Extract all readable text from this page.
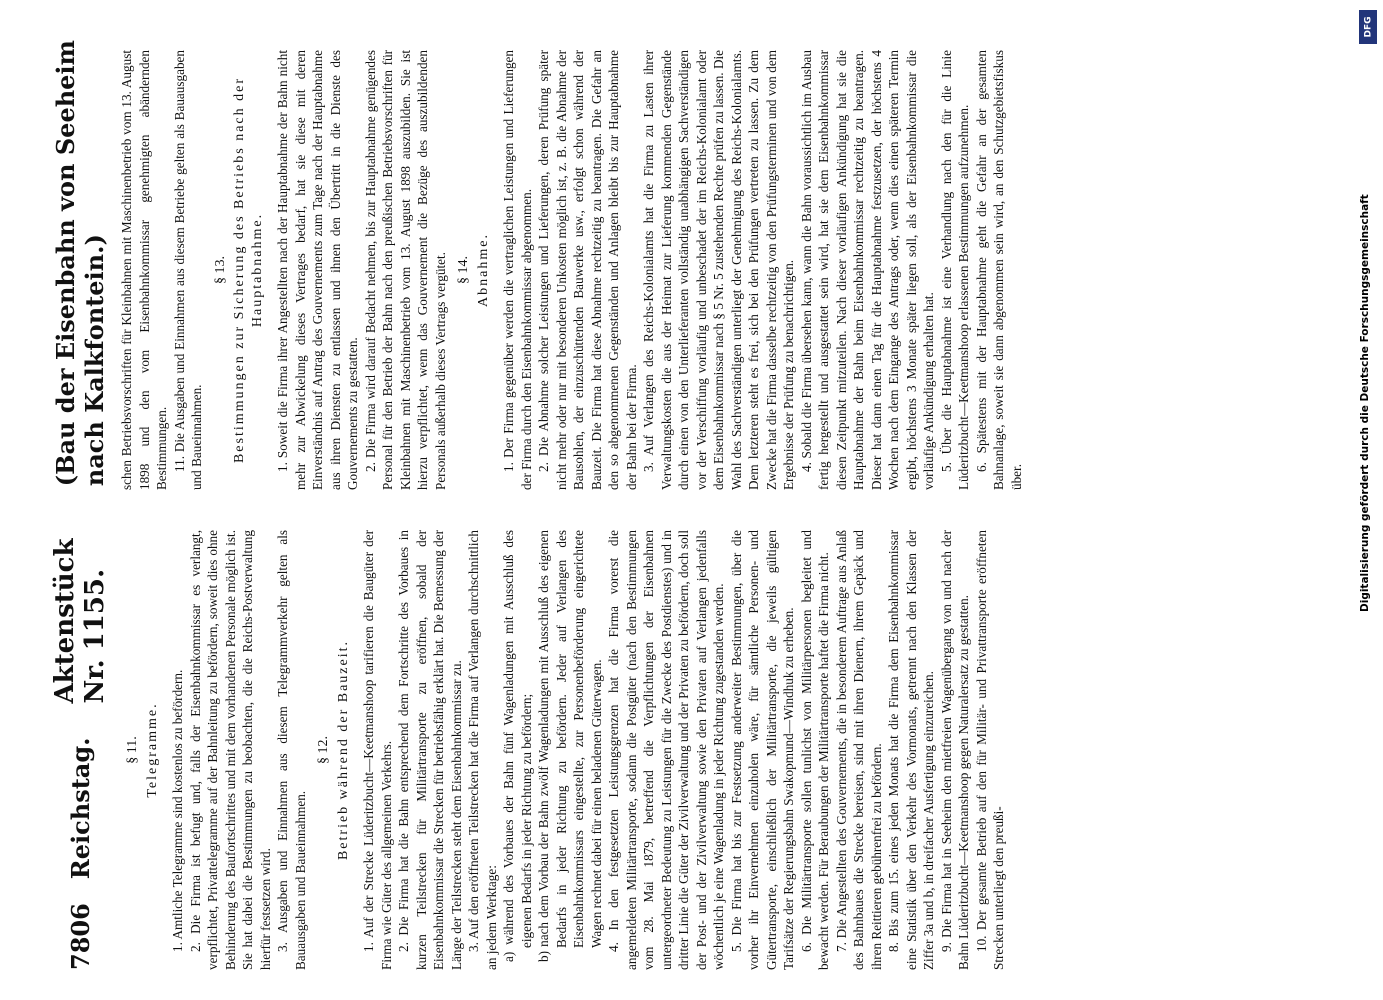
7806
Reichstag.
Aktenstück Nr. 1155.
(Bau der Eisenbahn von Seeheim nach Kalkfontein.)
§ 11. Telegramme. 1. Amtliche Telegramme sind kostenlos zu befördern. 2. Die Firma ist befugt und, falls der Eisenbahnkommissar es verlangt, verpflichtet, Privattelegramme auf der Bahnleitung zu befördern, soweit dies ohne Behinderung des Baufortschrittes und mit dem vorhandenen Personale möglich ist. Sie hat dabei die Bestimmungen zu beobachten, die die Reichs-Postverwaltung hierfür festsetzen wird. 3. Ausgaben und Einnahmen aus diesem Telegrammverkehr gelten als Bauausgaben und Baueinnahmen.

§ 12. Betrieb während der Bauzeit. 1. Auf der Strecke Lüderitzbucht—Keetmanshoop tarifieren die Baugüter der Firma wie Güter des allgemeinen Verkehrs. 2. Die Firma hat die Bahn entsprechend dem Fortschritte des Vorbaues in kurzen Teilstrecken für Militärtransporte zu eröffnen, sobald der Eisenbahnkommissar die Strecken für betriebsfähig erklärt hat. Die Bemessung der Länge der Teilstrecken steht dem Eisenbahnkommissar zu. 3. Auf den eröffneten Teilstrecken hat die Firma auf Verlangen durchschnittlich an jedem Werktage: a) während des Vorbaues der Bahn fünf Wagenladungen mit Ausschluß des eigenen Bedarfs in jeder Richtung zu befördern; b) nach dem Vorbau der Bahn zwölf Wagenladungen mit Ausschluß des eigenen Bedarfs in jeder Richtung zu befördern. Jeder auf Verlangen des Eisenbahnkommissars eingestellte, zur Personenbeförderung eingerichtete Wagen rechnet dabei für einen beladenen Güterwagen. 4. In den festgesetzten Leistungsgrenzen hat die Firma vorerst die angemeldeten Militärtransporte, sodann die Postgüter (nach den Bestimmungen vom 28. Mai 1879, betreffend die Verpflichtungen der Eisenbahnen untergeordneter Bedeutung zu Leistungen für die Zwecke des Postdienstes) und in dritter Linie die Güter der Zivilverwaltung und der Privaten zu befördern, doch soll der Post- und der Zivilverwaltung sowie den Privaten auf Verlangen jedenfalls wöchentlich je eine Wagenladung in jeder Richtung zugestanden werden. 5. Die Firma hat bis zur Festsetzung anderweiter Bestimmungen, über die vorher ihr Einvernehmen einzuholen wäre, für sämtliche Personen- und Gütertransporte, einschließlich der Militärtransporte, die jeweils gültigen Tarifsätze der Regierungsbahn Swakopmund—Windhuk zu erheben. 6. Die Militärtransporte sollen tunlichst von Militärpersonen begleitet und bewacht werden. Für Beraubungen der Militärtransporte haftet die Firma nicht. 7. Die Angestellten des Gouvernements, die in besonderem Auftrage aus Anlaß des Bahnbaues die Strecke bereisen, sind mit ihren Dienern, ihrem Gepäck und ihren Reittieren gebührenfrei zu befördern. 8. Bis zum 15. eines jeden Monats hat die Firma dem Eisenbahnkommissar eine Statistik über den Verkehr des Vormonats, getrennt nach den Klassen der Ziffer 3a und b, in dreifacher Ausfertigung einzureichen. 9. Die Firma hat in Seeheim den mietfreien Wagenübergang von und nach der Bahn Lüderitzbucht—Keetmanshoop gegen Naturalersatz zu gestatten. 10. Der gesamte Betrieb auf den für Militär- und Privattransporte eröffneten Strecken unterliegt den preußi-

schen Betriebsvorschriften für Kleinbahnen mit Maschinenbetrieb vom 13. August 1898 und den vom Eisenbahnkommissar genehmigten abändernden Bestimmungen. 11. Die Ausgaben und Einnahmen aus diesem Betriebe gelten als Bauausgaben und Baueinnahmen.

§ 13. Bestimmungen zur Sicherung des Betriebs nach der Hauptabnahme. 1. Soweit die Firma ihrer Angestellten nach der Hauptabnahme der Bahn nicht mehr zur Abwickelung dieses Vertrages bedarf, hat sie diese mit deren Einverständnis auf Antrag des Gouvernements zum Tage nach der Hauptabnahme aus ihren Diensten zu entlassen und ihnen den Übertritt in die Dienste des Gouvernements zu gestatten. 2. Die Firma wird darauf Bedacht nehmen, bis zur Hauptabnahme genügendes Personal für den Betrieb der Bahn nach den preußischen Betriebsvorschriften für Kleinbahnen mit Maschinenbetrieb vom 13. August 1898 auszubilden. Sie ist hierzu verpflichtet, wenn das Gouvernement die Bezüge des auszubildenden Personals außerhalb dieses Vertrags vergütet. § 14. Abnahme. 1. Der Firma gegenüber werden die vertraglichen Leistungen und Lieferungen der Firma durch den Eisenbahnkommissar abgenommen. 2. Die Abnahme solcher Leistungen und Lieferungen, deren Prüfung später nicht mehr oder nur mit besonderen Unkosten möglich ist, z. B. die Abnahme der Bausohlen, der einzuschüttenden Bauwerke usw., erfolgt schon während der Bauzeit. Die Firma hat diese Abnahme rechtzeitig zu beantragen. Die Gefahr an den so abgenommenen Gegenständen und Anlagen bleibt bis zur Hauptabnahme der Bahn bei der Firma. 3. Auf Verlangen des Reichs-Kolonialamts hat die Firma zu Lasten ihrer Verwaltungskosten die aus der Heimat zur Lieferung kommenden Gegenstände durch einen von den Unterlieferanten vollständig unabhängigen Sachverständigen vor der Verschiffung vorläufig und unbeschadet der im Reichs-Kolonialamt oder dem Eisenbahnkommissar nach § 5 Nr. 5 zustehenden Rechte prüfen zu lassen. Die Wahl des Sachverständigen unterliegt der Genehmigung des Reichs-Kolonialamts. Dem letzteren steht es frei, sich bei den Prüfungen vertreten zu lassen. Zu dem Zwecke hat die Firma dasselbe rechtzeitig von den Prüfungsterminen und von dem Ergebnisse der Prüfung zu benachrichtigen. 4. Sobald die Firma übersehen kann, wann die Bahn voraussichtlich im Ausbau fertig hergestellt und ausgestattet sein wird, hat sie dem Eisenbahnkommissar diesen Zeitpunkt mitzuteilen. Nach dieser vorläufigen Ankündigung hat sie die Hauptabnahme der Bahn beim Eisenbahnkommissar rechtzeitig zu beantragen. Dieser hat dann einen Tag für die Hauptabnahme festzusetzen, der höchstens 4 Wochen nach dem Eingange des Antrags oder, wenn dies einen späteren Termin ergibt, höchstens 3 Monate später liegen soll, als der Eisenbahnkommissar die vorläufige Ankündigung erhalten hat. 5. Über die Hauptabnahme ist eine Verhandlung nach den für die Linie Lüderitzbucht—Keetmanshoop erlassenen Bestimmungen aufzunehmen. 6. Spätestens mit der Hauptabnahme geht die Gefahr an der gesamten Bahnanlage, soweit sie dann abgenommen sein wird, an den Schutzgebietsfiskus über.

DFG
Digitalisierung gefördert durch die Deutsche Forschungsgemeinschaft
